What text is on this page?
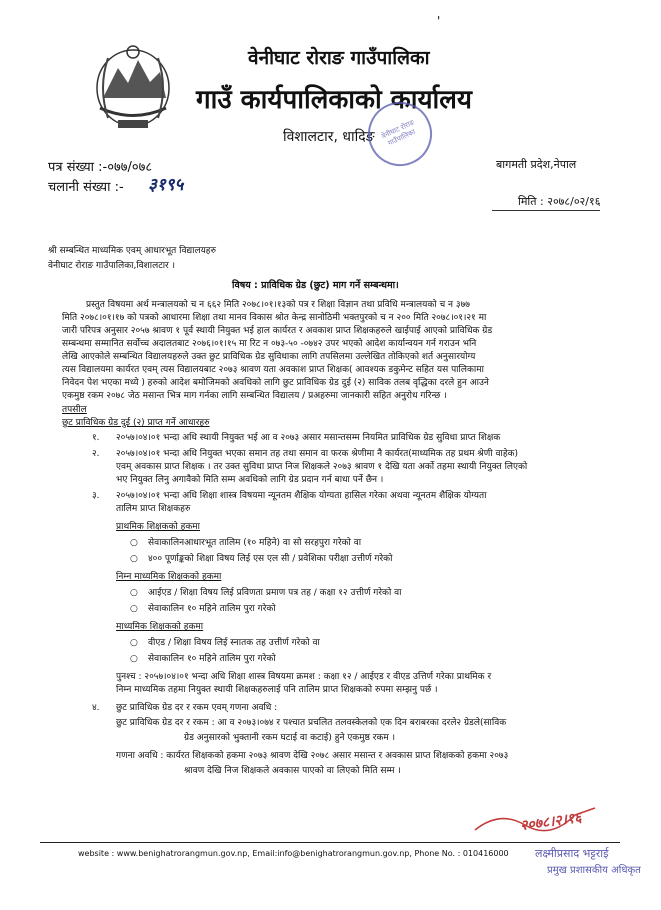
'
वेनीघाट रोराङ गाउँपालिका
गाउँ कार्यपालिकाको कार्यालय
विशालटार, धादिङ वेनीघाट रोराङ गाउँपालिका
पत्र संख्या :-०७७/०७८
चलानी संख्या :- ३१९५
बागमती प्रदेश,नेपाल
मिति : २०७८/०२/१६
श्री सम्बन्धित माध्यमिक एवम् आधारभूत विद्यालयहरु
वेनीघाट रोराङ गाउँपालिका,विशालटार ।
विषय : प्राविधिक ग्रेड (छुट) माग गर्ने सम्बन्धमा।
प्रस्तुत विषयमा अर्थ मन्त्रालयको च न ६६२ मिति २०७८।०१।१३को पत्र र शिक्षा विज्ञान तथा प्रविधि मन्त्रालयको च न ३७७
मिति २०७८।०१।१७ को पत्रको आधारमा शिक्षा तथा मानव विकास श्रोत केन्द्र सानोठिमी भक्तपुरको च न २०० मिति २०७८।०१।२१ मा
जारी परिपत्र अनुसार २०५७ श्रावण १ पूर्व स्थायी नियुक्त भई हाल कार्यरत र अवकाश प्राप्त शिक्षकहरुले खाईपाई आएको प्राविधिक ग्रेड
सम्बन्धमा सम्मानित सर्वोच्च अदालतबाट २०७६।०१।१५ मा रिट न ०७३-५० -०७४२ उपर भएको आदेश कार्यान्वयन गर्न गराउन भनि
लेखि आएकोले सम्बन्धित विद्यालयहरुले उक्त छुट प्राविधिक ग्रेड सुविधाका लागि तपसिलमा उल्लेखित तोकिएको शर्त अनुसारयोग्य
त्यस विद्यालयमा कार्यरत एवम् त्यस विद्यालयबाट २०७३ श्रावण यता अवकाश प्राप्त शिक्षक( आवश्यक डकुमेन्ट सहित यस पालिकामा
निवेदन पेश भएका मध्ये ) हरुको आदेश बमोजिमको अवधिको लागि छुट प्राविधिक ग्रेड दुई (२) साविक तलब वृद्धिका दरले हुन आउने
एकमुष्ठ रकम २०७८ जेठ मसान्त भित्र माग गर्नका लागि सम्बन्धित विद्यालय / प्रअहरुमा जानकारी सहित अनुरोध गरिन्छ ।
तपसील
छुट प्राविधिक ग्रेड दुई (२) प्राप्त गर्ने आधारहरु
१. २०५७।०४।०१ भन्दा अधि स्थायी नियुक्त भई आ व २०७३ असार मसान्तसम्म नियमित प्राविधिक ग्रेड सुविधा प्राप्त शिक्षक
२. २०५७।०४।०१ भन्दा अधि नियुक्त भएका समान तह तथा समान वा फरक श्रेणीमा नै कार्यरत(माध्यमिक तह प्रथम श्रेणी वाहेक)
एवम् अवकास प्राप्त शिक्षक । तर उक्त सुविधा प्राप्त निज शिक्षकले २०७३ श्रावण १ देखि यता अर्को तहमा स्थायी नियुक्त लिएको
भए नियुक्त लिनु अगावैको मिति सम्म अवधिको लागि ग्रेड प्रदान गर्न बाधा पर्ने छैन ।
३. २०५७।०४।०१ भन्दा अधि शिक्षा शास्त्र विषयमा न्यूनतम शैक्षिक योग्यता हासिल गरेका अथवा न्यूनतम शैक्षिक योग्यता
तालिम प्राप्त शिक्षकहरु
प्राथमिक शिक्षकको हकमा
○ सेवाकालिनआधारभूत तालिम (१० महिने) वा सो सरहपुरा गरेको वा
○ ४०० पूर्णाङ्कको शिक्षा विषय लिई एस एल सी / प्रवेशिका परीक्षा उत्तीर्ण गरेको
निम्न माध्यमिक शिक्षकको हकमा
○ आईएड / शिक्षा विषय लिई प्रविणता प्रमाण पत्र तह / कक्षा १२ उत्तीर्ण गरेको वा
○ सेवाकालिन १० महिने तालिम पुरा गरेको
माध्यमिक शिक्षकको हकमा
○ वीएड / शिक्षा विषय लिई स्नातक तह उत्तीर्ण गरेको वा
○ सेवाकालिन १० महिने तालिम पुरा गरेको
पुनश्च : २०५७।०४।०१ भन्दा अधि शिक्षा शास्त्र विषयमा क्रमश : कक्षा १२ / आईएड र वीएड उत्तिर्ण गरेका प्राथमिक र
निम्न माध्यमिक तहमा नियुक्त स्थायी शिक्षकहरुलाई पनि तालिम प्राप्त शिक्षकको रुपमा सम्झनु पर्छ ।
४. छुट प्राविधिक ग्रेड दर र रकम एवम् गणना अवधि :
छुट प्राविधिक ग्रेड दर र रकम : आ व २०७३।०७४ र पश्चात प्रचलित तलवस्केलको एक दिन बराबरका दरले२ ग्रेडले(साविक
ग्रेड अनुसारको भुक्तानी रकम घटाई वा कटाई) हुने एकमुष्ठ रकम ।
गणना अवधि : कार्यरत शिक्षकको हकमा २०७३ श्रावण देखि २०७८ असार मसान्त र अवकास प्राप्त शिक्षकको हकमा २०७३
श्रावण देखि निज शिक्षकले अवकास पाएको वा लिएको मिति सम्म ।
२०७८।२।१६
लक्ष्मीप्रसाद भट्टराई
प्रमुख प्रशासकीय अधिकृत
website : www.benighatrorangmun.gov.np, Email:info@benighatrorangmun.gov.np, Phone No. : 010416000
